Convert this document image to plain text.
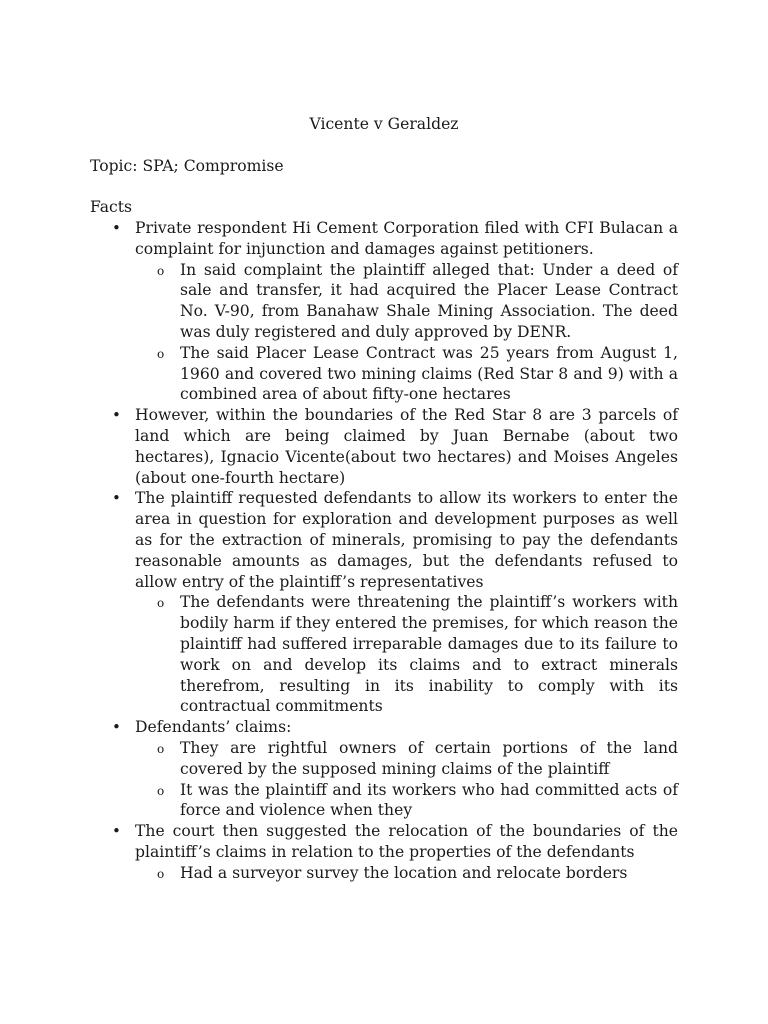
Vicente v Geraldez
Topic: SPA; Compromise
Facts
• Private respondent Hi Cement Corporation filed with CFI Bulacan a complaint for injunction and damages against petitioners.
o In said complaint the plaintiff alleged that: Under a deed of sale and transfer, it had acquired the Placer Lease Contract No. V-90, from Banahaw Shale Mining Association. The deed was duly registered and duly approved by DENR.
o The said Placer Lease Contract was 25 years from August 1, 1960 and covered two mining claims (Red Star 8 and 9) with a combined area of about fifty-one hectares
• However, within the boundaries of the Red Star 8 are 3 parcels of land which are being claimed by Juan Bernabe (about two hectares), Ignacio Vicente(about two hectares) and Moises Angeles (about one-fourth hectare)
• The plaintiff requested defendants to allow its workers to enter the area in question for exploration and development purposes as well as for the extraction of minerals, promising to pay the defendants reasonable amounts as damages, but the defendants refused to allow entry of the plaintiff’s representatives
o The defendants were threatening the plaintiff’s workers with bodily harm if they entered the premises, for which reason the plaintiff had suffered irreparable damages due to its failure to work on and develop its claims and to extract minerals therefrom, resulting in its inability to comply with its contractual commitments
• Defendants’ claims:
o They are rightful owners of certain portions of the land covered by the supposed mining claims of the plaintiff
o It was the plaintiff and its workers who had committed acts of force and violence when they
• The court then suggested the relocation of the boundaries of the plaintiff’s claims in relation to the properties of the defendants
o Had a surveyor survey the location and relocate borders
